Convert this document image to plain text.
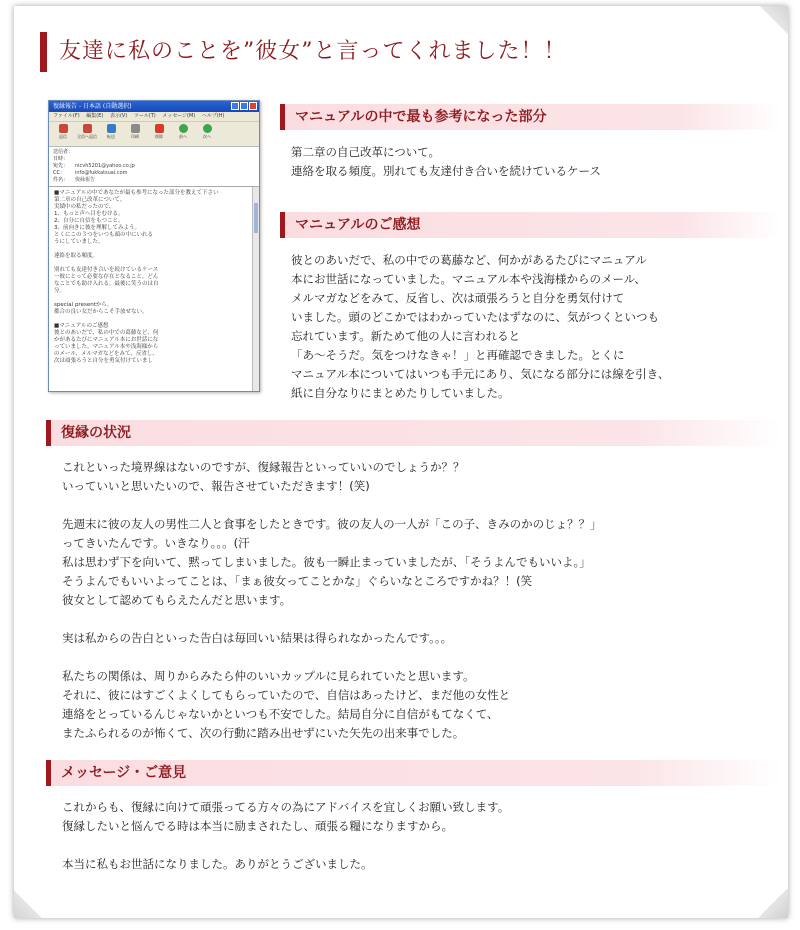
友達に私のことを”彼女”と言ってくれました！！
復縁報告 - 日本語 (自動選択)
ファイル(F) 編集(E) 表示(V) ツール(T) メッセージ(M) ヘルプ(H)
返信	全員へ返信	転送	印刷	削除	前へ	次へ
送信者：
日時：
宛先：	nicvh5201@yahoo.co.jp
CC：	info@fukkatsuai.com
件名：	復縁報告

■マニュアルの中であなたが最も参考になった部分を教えて下さい
第二章の自己改革について。
実績中の私だったので、
1、もっと声へ目をむける。
2、自分に自信をもつこと。
3、前向きに彼を理解してみよう。
とくにこの３つをいつも頭の中にいれる
うにしていました。

連絡を取る頻度。

別れても友達付き合いを続けているケース
一彼にとって必要な存在となること。どん
なことでも助け入れる。最後に笑うのは自
分。

special presentから。
都合の良い女だからこそ手放せない。

■マニュアルのご感想
彼とのあいだで、私の中での葛藤など、何
かがあるたびにマニュアル本にお世話にな
っていました。マニュアル本や浅海様から
のメール、メルマガなどをみて、反省し、
次は頑張ろうと自分を勇気付けていまし

マニュアルの中で最も参考になった部分

第二章の自己改革について。
連絡を取る頻度。別れても友達付き合いを続けているケース

マニュアルのご感想

彼とのあいだで、私の中での葛藤など、何かがあるたびにマニュアル
本にお世話になっていました。マニュアル本や浅海様からのメール、
メルマガなどをみて、反省し、次は頑張ろうと自分を勇気付けて
いました。頭のどこかではわかっていたはずなのに、気がつくといつも
忘れています。新ためて他の人に言われると
「あ～そうだ。気をつけなきゃ！」と再確認できました。とくに
マニュアル本についてはいつも手元にあり、気になる部分には線を引き、
紙に自分なりにまとめたりしていました。

復縁の状況

これといった境界線はないのですが、復縁報告といっていいのでしょうか？？
いっていいと思いたいので、報告させていただきます！(笑)

先週末に彼の友人の男性二人と食事をしたときです。彼の友人の一人が「この子、きみのかのじょ？？」
ってきいたんです。いきなり。。。(汗
私は思わず下を向いて、黙ってしまいました。彼も一瞬止まっていましたが、「そうよんでもいいよ。」
そうよんでもいいよってことは、「まぁ彼女ってことかな」ぐらいなところですかね？！(笑
彼女として認めてもらえたんだと思います。

実は私からの告白といった告白は毎回いい結果は得られなかったんです。。。

私たちの関係は、周りからみたら仲のいいカップルに見られていたと思います。
それに、彼にはすごくよくしてもらっていたので、自信はあったけど、まだ他の女性と
連絡をとっているんじゃないかといつも不安でした。結局自分に自信がもてなくて、
またふられるのが怖くて、次の行動に踏み出せずにいた矢先の出来事でした。

メッセージ・ご意見

これからも、復縁に向けて頑張ってる方々の為にアドバイスを宜しくお願い致します。
復縁したいと悩んでる時は本当に励まされたし、頑張る糧になりますから。

本当に私もお世話になりました。ありがとうございました。
